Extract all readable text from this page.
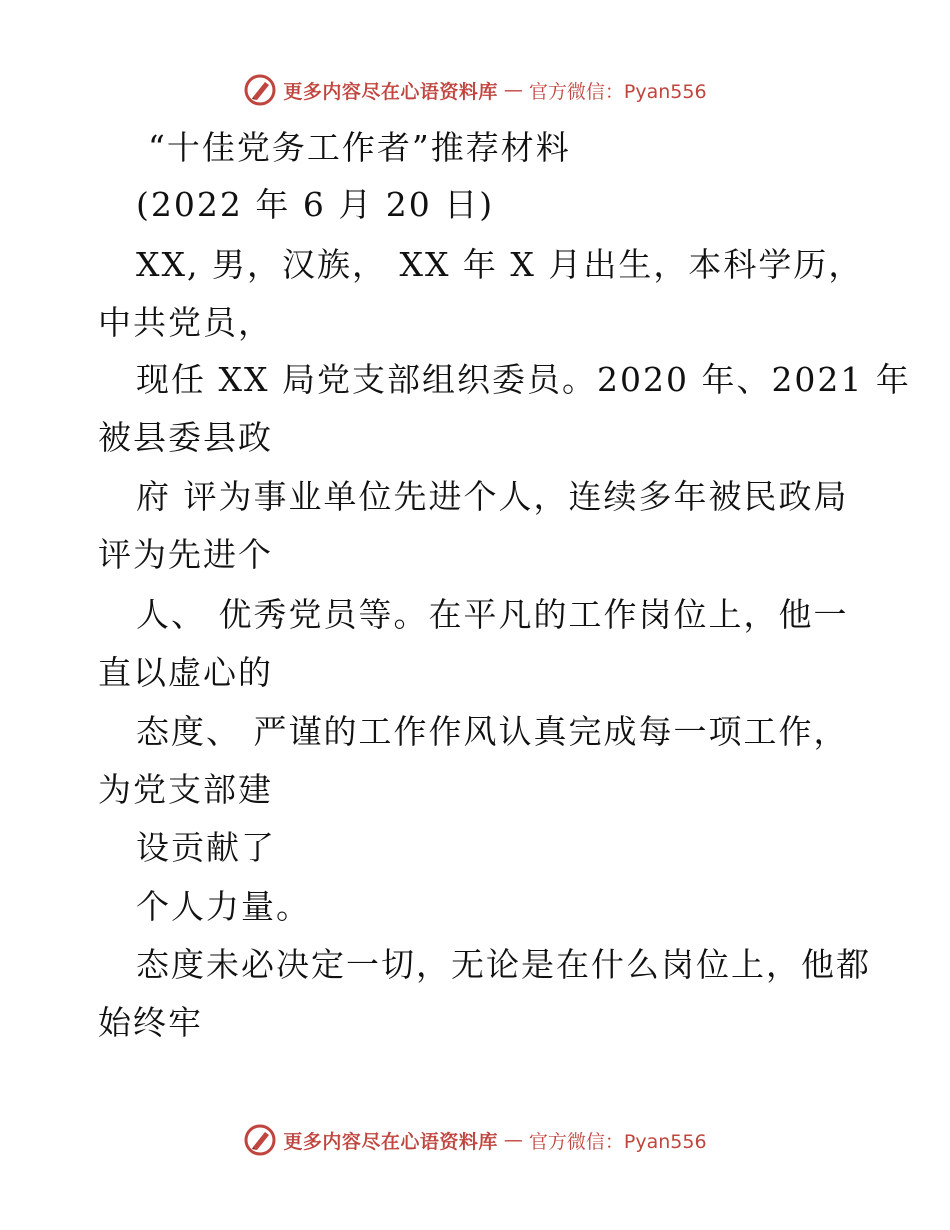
更多内容尽在心语资料库 — 官方微信：Pyan556
“十佳党务工作者”推荐材料
(2022 年 6 月 20 日)
XX, 男，汉族， XX 年 X 月出生，本科学历，
中共党员，
现任 XX 局党支部组织委员。2020 年、2021 年
被县委县政
府 评为事业单位先进个人，连续多年被民政局
评为先进个
人、 优秀党员等。在平凡的工作岗位上，他一
直以虚心的
态度、 严谨的工作作风认真完成每一项工作，
为党支部建
设贡献了
个人力量。
态度未必决定一切，无论是在什么岗位上，他都
始终牢
更多内容尽在心语资料库 — 官方微信：Pyan556
